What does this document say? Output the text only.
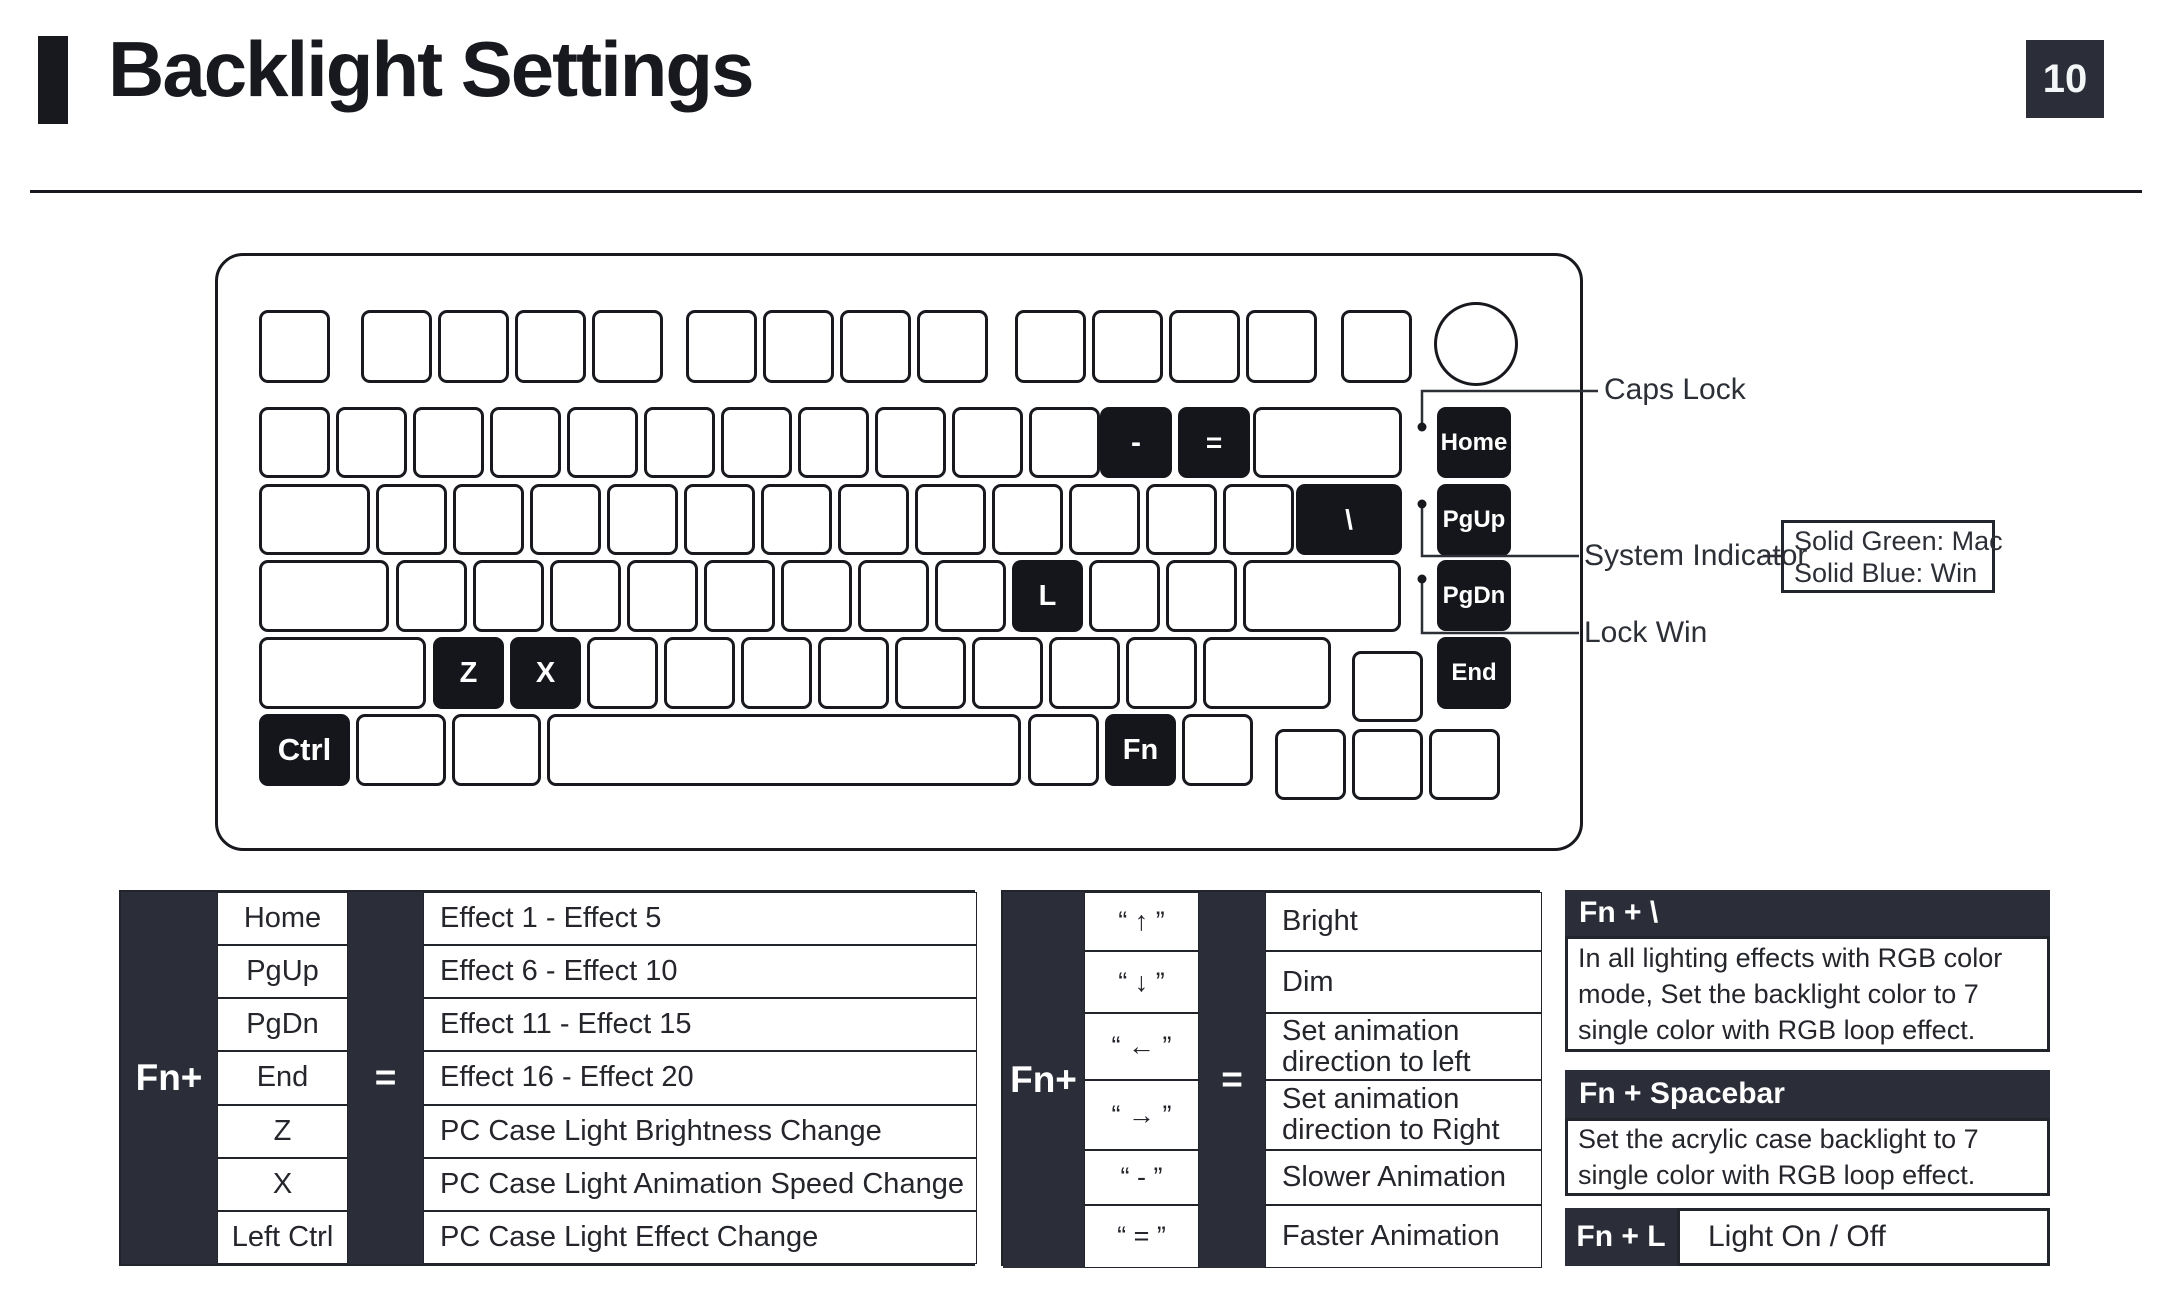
Backlight Settings	10
-	=
\
L
Z	X
Ctrl	Fn
Home
PgUp
PgDn
End
Caps Lock
System Indicator
Lock Win
Solid Green: Mac
Solid Blue: Win
Fn+	=
Home	Effect 1 - Effect 5
PgUp	Effect 6 - Effect 10
PgDn	Effect 11 - Effect 15
End	Effect 16 - Effect 20
Z	PC Case Light Brightness Change
X	PC Case Light Animation Speed Change
Left Ctrl	PC Case Light Effect Change
Fn+	=
“ ↑ ”	Bright
“ ↓ ”	Dim
“ ← ”	Set animation direction to left
“ → ”	Set animation direction to Right
“ - ”	Slower Animation
“ = ”	Faster Animation
Fn + \
In all lighting effects with RGB color mode, Set the backlight color to 7 single color with RGB loop effect.
Fn + Spacebar
Set the acrylic case backlight to 7 single color with RGB loop effect.
Fn + L	Light On / Off
